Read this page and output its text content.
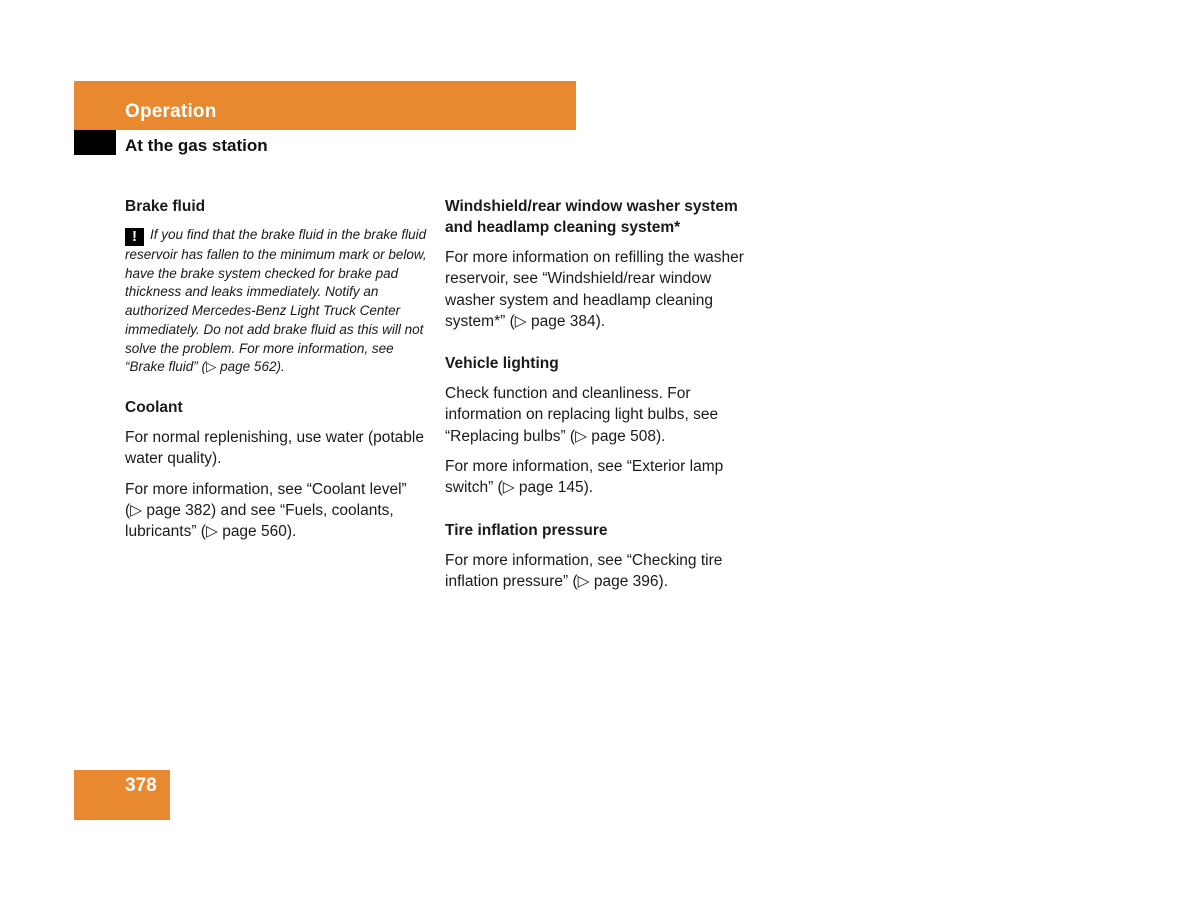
Operation
At the gas station
Brake fluid
! If you find that the brake fluid in the brake fluid reservoir has fallen to the minimum mark or below, have the brake system checked for brake pad thickness and leaks immediately. Notify an authorized Mercedes-Benz Light Truck Center immediately. Do not add brake fluid as this will not solve the problem. For more information, see “Brake fluid” (▷ page 562).
Coolant
For normal replenishing, use water (potable water quality).
For more information, see “Coolant level” (▷ page 382) and see “Fuels, coolants, lubricants” (▷ page 560).
Windshield/rear window washer system and headlamp cleaning system*
For more information on refilling the washer reservoir, see “Windshield/rear window washer system and headlamp cleaning system*” (▷ page 384).
Vehicle lighting
Check function and cleanliness. For information on replacing light bulbs, see “Replacing bulbs” (▷ page 508).
For more information, see “Exterior lamp switch” (▷ page 145).
Tire inflation pressure
For more information, see “Checking tire inflation pressure” (▷ page 396).
378
